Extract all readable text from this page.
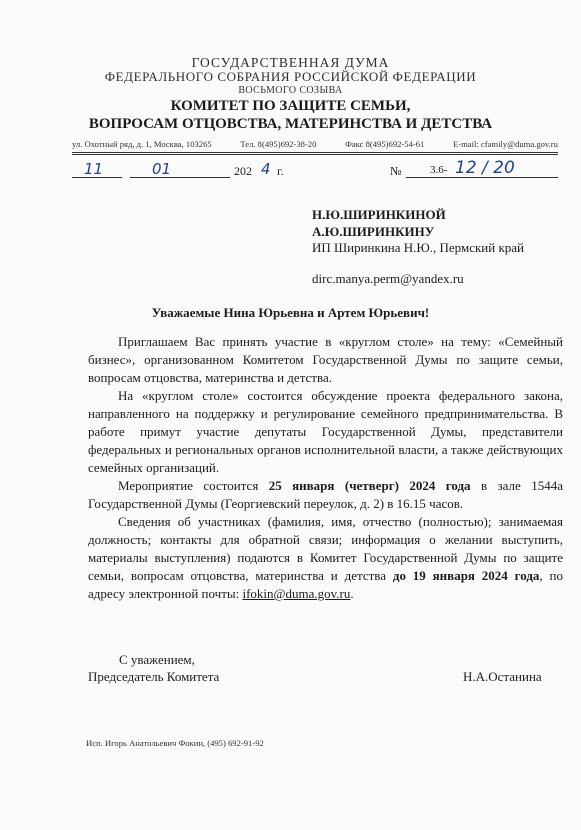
ГОСУДАРСТВЕННАЯ ДУМА
ФЕДЕРАЛЬНОГО СОБРАНИЯ РОССИЙСКОЙ ФЕДЕРАЦИИ
ВОСЬМОГО СОЗЫВА
КОМИТЕТ ПО ЗАЩИТЕ СЕМЬИ,
ВОПРОСАМ ОТЦОВСТВА, МАТЕРИНСТВА И ДЕТСТВА
ул. Охотный ряд, д. 1, Москва, 103265	Тел. 8(495)692-38-20	Факс 8(495)692-54-61	E-mail: cfamily@duma.gov.ru
11	01	202 4 г.	№	3.6- 12 / 20
Н.Ю.ШИРИНКИНОЙ
А.Ю.ШИРИНКИНУ
ИП Ширинкина Н.Ю., Пермский край
dirc.manya.perm@yandex.ru
Уважаемые Нина Юрьевна и Артем Юрьевич!

Приглашаем Вас принять участие в «круглом столе» на тему: «Семейный бизнес», организованном Комитетом Государственной Думы по защите семьи, вопросам отцовства, материнства и детства.

На «круглом столе» состоится обсуждение проекта федерального закона, направленного на поддержку и регулирование семейного предпринимательства. В работе примут участие депутаты Государственной Думы, представители федеральных и региональных органов исполнительной власти, а также действующих семейных организаций.

Мероприятие состоится 25 января (четверг) 2024 года в зале 1544а Государственной Думы (Георгиевский переулок, д. 2) в 16.15 часов.

Сведения об участниках (фамилия, имя, отчество (полностью); занимаемая должность; контакты для обратной связи; информация о желании выступить, материалы выступления) подаются в Комитет Государственной Думы по защите семьи, вопросам отцовства, материнства и детства до 19 января 2024 года, по адресу электронной почты: ifokin@duma.gov.ru.

С уважением,
Председатель Комитета	Н.А.Останина
Исп. Игорь Анатольевич Фокин, (495) 692-91-92
